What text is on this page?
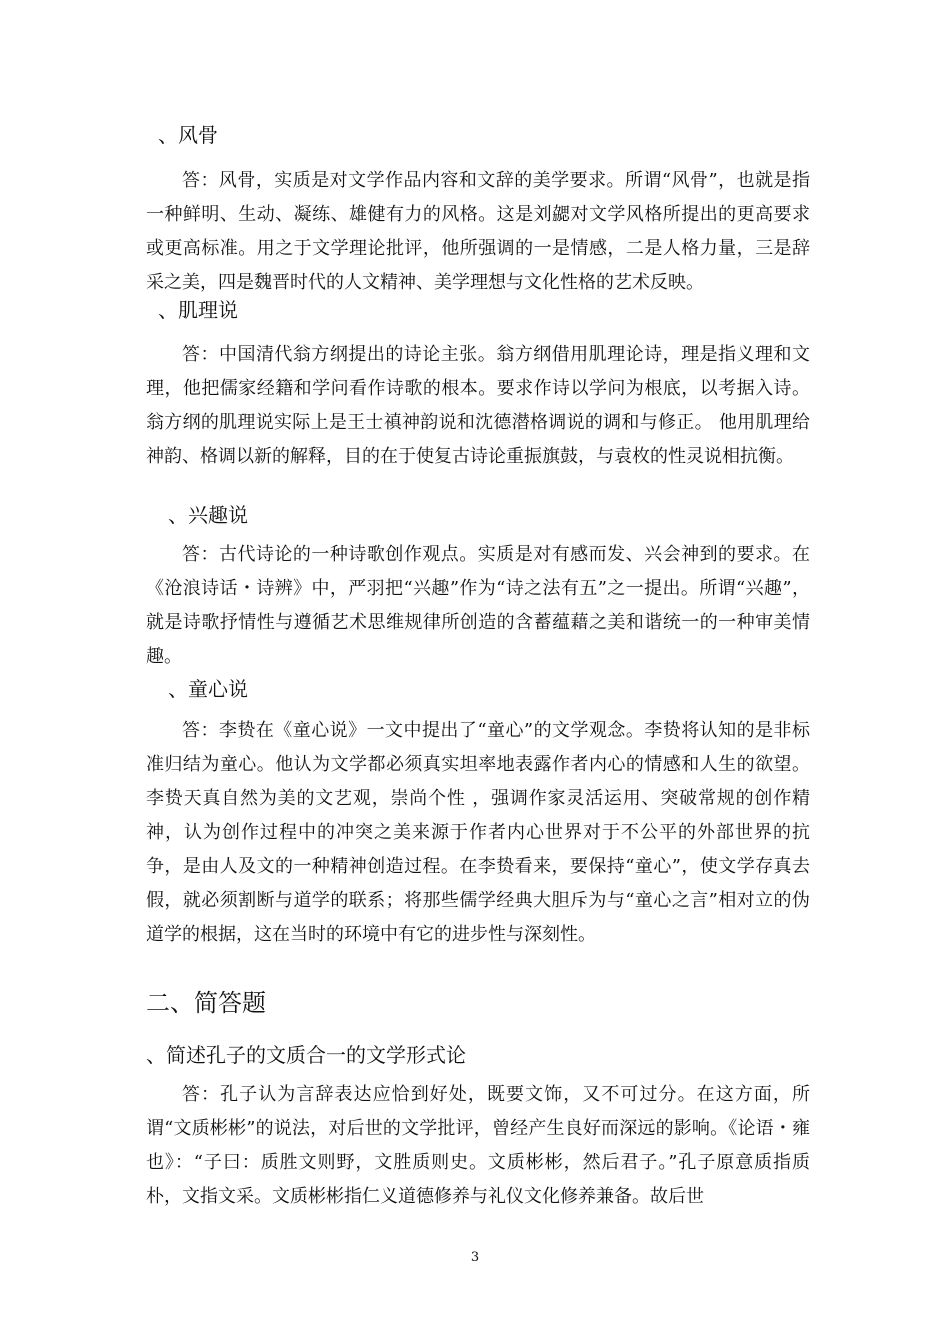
、风骨

答：风骨，实质是对文学作品内容和文辞的美学要求。所谓“风骨”，也就是指一种鲜明、生动、凝练、雄健有力的风格。这是刘勰对文学风格所提出的更高要求或更高标准。用之于文学理论批评，他所强调的一是情感，二是人格力量，三是辞采之美，四是魏晋时代的人文精神、美学理想与文化性格的艺术反映。

、肌理说

答：中国清代翁方纲提出的诗论主张。翁方纲借用肌理论诗，理是指义理和文理，他把儒家经籍和学问看作诗歌的根本。要求作诗以学问为根底，以考据入诗。翁方纲的肌理说实际上是王士禛神韵说和沈德潜格调说的调和与修正。 他用肌理给神韵、格调以新的解释，目的在于使复古诗论重振旗鼓，与袁枚的性灵说相抗衡。

、兴趣说

答：古代诗论的一种诗歌创作观点。实质是对有感而发、兴会神到的要求。在《沧浪诗话・诗辨》中，严羽把“兴趣”作为“诗之法有五”之一提出。所谓“兴趣”，就是诗歌抒情性与遵循艺术思维规律所创造的含蓄蕴藉之美和谐统一的一种审美情趣。

、童心说

答：李贽在《童心说》一文中提出了“童心”的文学观念。李贽将认知的是非标准归结为童心。他认为文学都必须真实坦率地表露作者内心的情感和人生的欲望。李贽天真自然为美的文艺观，崇尚个性 ，强调作家灵活运用、突破常规的创作精神，认为创作过程中的冲突之美来源于作者内心世界对于不公平的外部世界的抗争，是由人及文的一种精神创造过程。在李贽看来，要保持“童心”，使文学存真去假，就必须割断与道学的联系；将那些儒学经典大胆斥为与“童心之言”相对立的伪道学的根据，这在当时的环境中有它的进步性与深刻性。

二、简答题
、简述孔子的文质合一的文学形式论

答：孔子认为言辞表达应恰到好处，既要文饰，又不可过分。在这方面，所谓“文质彬彬”的说法，对后世的文学批评，曾经产生良好而深远的影响。《论语・雍也》：“子曰：质胜文则野，文胜质则史。文质彬彬，然后君子。”孔子原意质指质朴，文指文采。文质彬彬指仁义道德修养与礼仪文化修养兼备。故后世

3
